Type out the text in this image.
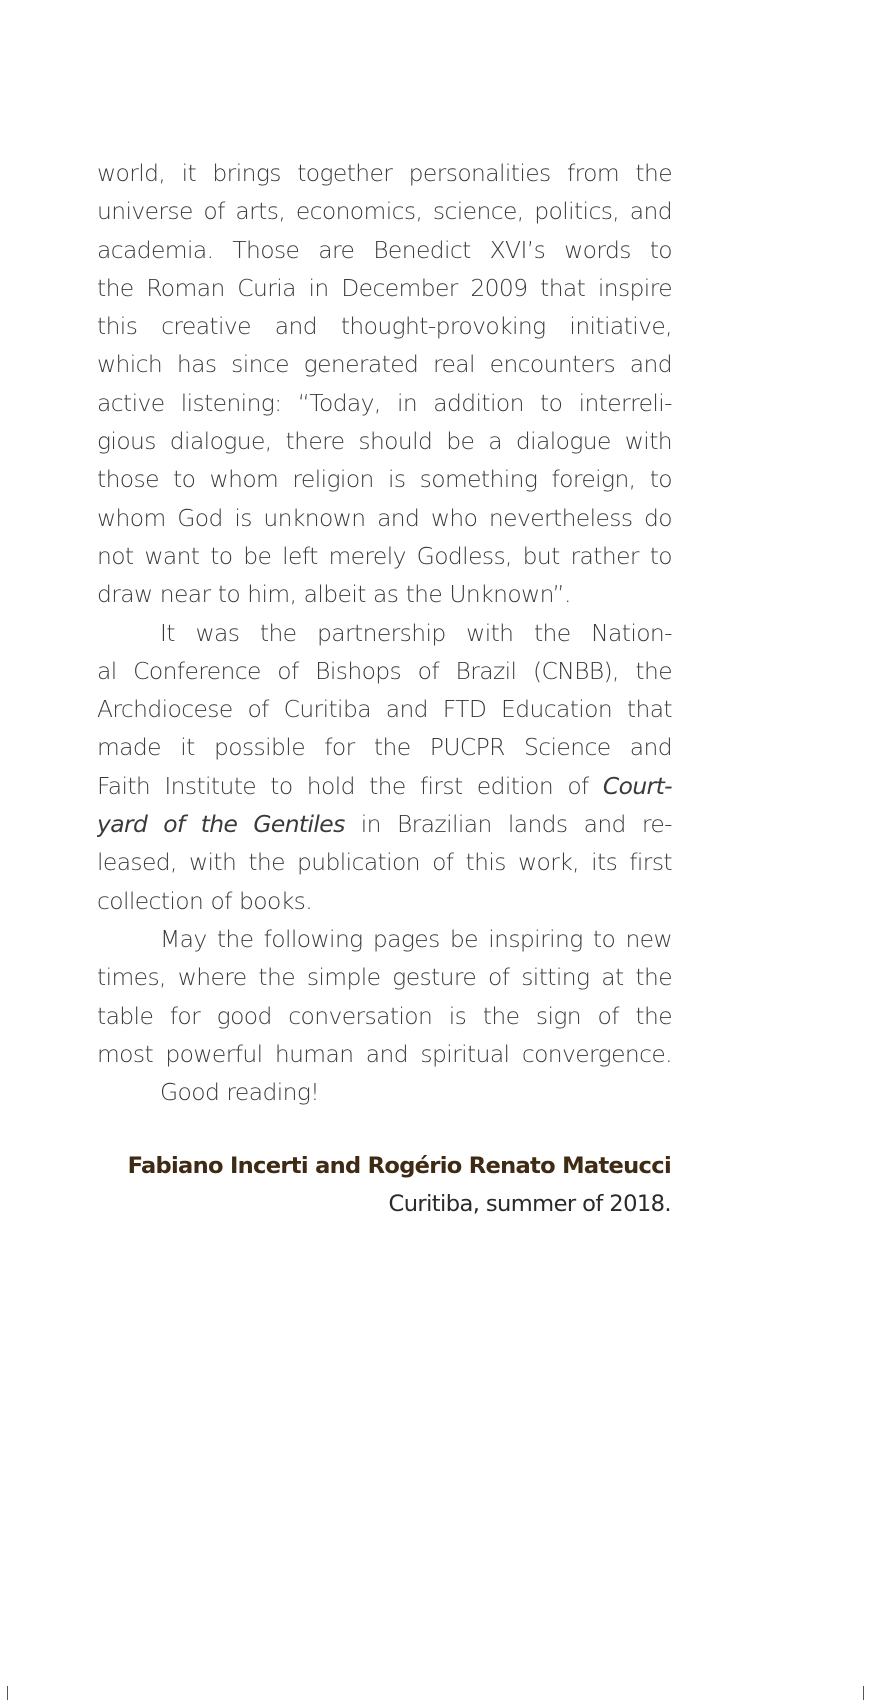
world, it brings together personalities from the
universe of arts, economics, science, politics, and
academia. Those are Benedict XVI’s words to
the Roman Curia in December 2009 that inspire
this creative and thought-provoking initiative,
which has since generated real encounters and
active listening: “Today, in addition to interreli-
gious dialogue, there should be a dialogue with
those to whom religion is something foreign, to
whom God is unknown and who nevertheless do
not want to be left merely Godless, but rather to
draw near to him, albeit as the Unknown”.
It was the partnership with the Nation-
al Conference of Bishops of Brazil (CNBB), the
Archdiocese of Curitiba and FTD Education that
made it possible for the PUCPR Science and
Faith Institute to hold the first edition of Court-
yard of the Gentiles in Brazilian lands and re-
leased, with the publication of this work, its first
collection of books.
May the following pages be inspiring to new
times, where the simple gesture of sitting at the
table for good conversation is the sign of the
most powerful human and spiritual convergence.
Good reading!
Fabiano Incerti and Rogério Renato Mateucci
Curitiba, summer of 2018.
